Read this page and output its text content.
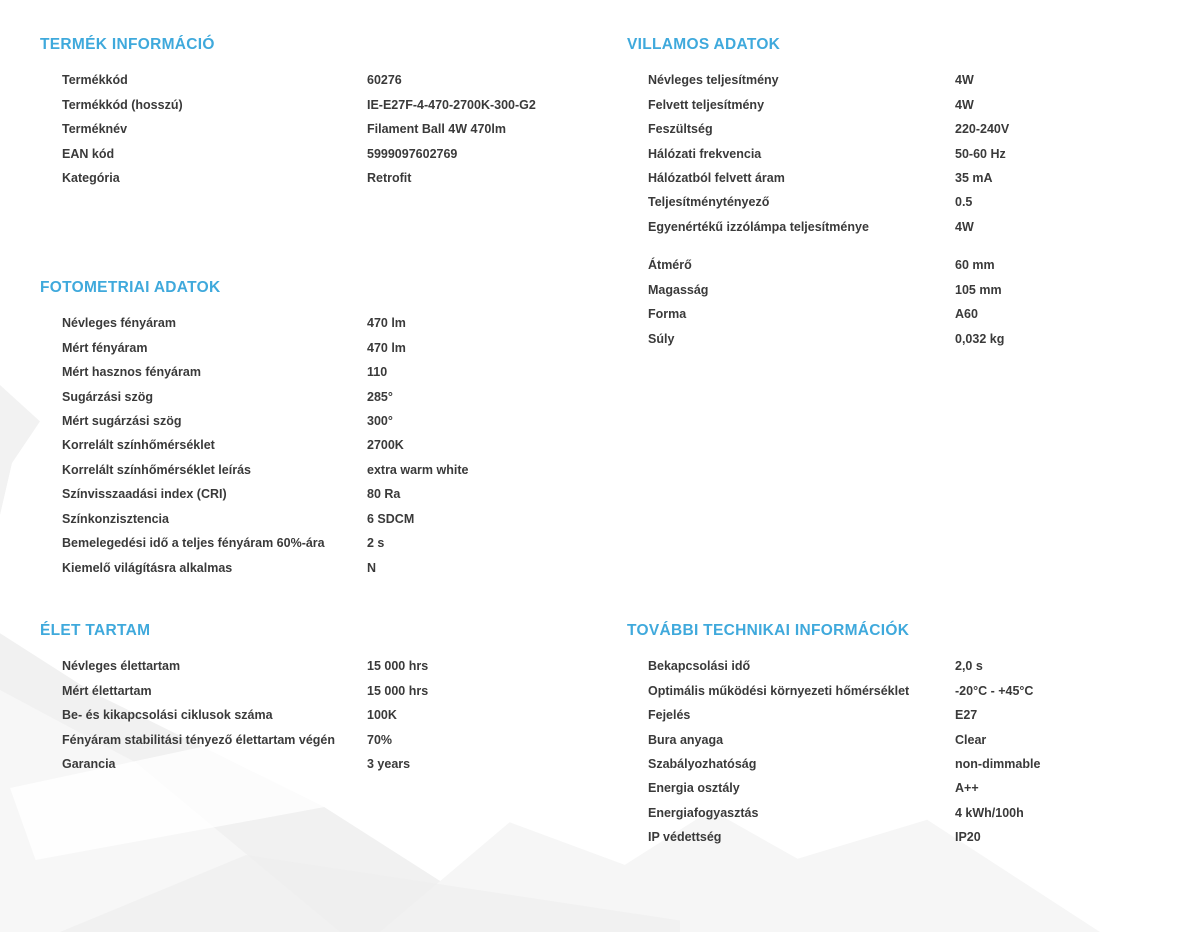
TERMÉK INFORMÁCIÓ
Termékkód	60276
Termékkód (hosszú)	IE-E27F-4-470-2700K-300-G2
Terméknév	Filament Ball 4W 470lm
EAN kód	5999097602769
Kategória	Retrofit
VILLAMOS ADATOK
Névleges teljesítmény	4W
Felvett teljesítmény	4W
Feszültség	220-240V
Hálózati frekvencia	50-60 Hz
Hálózatból felvett áram	35 mA
Teljesítménytényező	0.5
Egyenértékű izzólámpa teljesítménye	4W
Átmérő	60 mm
Magasság	105 mm
Forma	A60
Súly	0,032 kg
FOTOMETRIAI ADATOK
Névleges fényáram	470 lm
Mért fényáram	470 lm
Mért hasznos fényáram	110
Sugárzási szög	285°
Mért sugárzási szög	300°
Korrelált színhőmérséklet	2700K
Korrelált színhőmérséklet leírás	extra warm white
Színvisszaadási index (CRI)	80 Ra
Színkonzisztencia	6 SDCM
Bemelegedési idő a teljes fényáram 60%-ára	2 s
Kiemelő világításra alkalmas	N
ÉLET TARTAM
Névleges élettartam	15 000 hrs
Mért élettartam	15 000 hrs
Be- és kikapcsolási ciklusok száma	100K
Fényáram stabilitási tényező élettartam végén	70%
Garancia	3 years
TOVÁBBI TECHNIKAI INFORMÁCIÓK
Bekapcsolási idő	2,0 s
Optimális működési környezeti hőmérséklet	-20°C - +45°C
Fejelés	E27
Bura anyaga	Clear
Szabályozhatóság	non-dimmable
Energia osztály	A++
Energiafogyasztás	4 kWh/100h
IP védettség	IP20
